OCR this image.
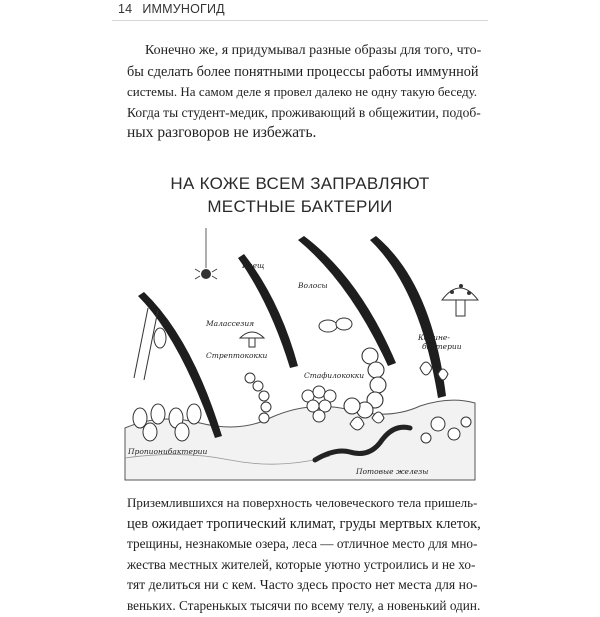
14 ИММУНОГИД
Конечно же, я придумывал разные образы для того, что-
бы сделать более понятными процессы работы иммунной
системы. На самом деле я провел далеко не одну такую беседу.
Когда ты студент-медик, проживающий в общежитии, подоб-
ных разговоров не избежать.
НА КОЖЕ ВСЕМ ЗАПРАВЛЯЮТ
МЕСТНЫЕ БАКТЕРИИ
Клещ
Волосы
Малассезия
Стрептококки
Стафилококки
Корине-
бактерии
Пропионибактерии
Потовые железы
Приземлившихся на поверхность человеческого тела пришель-
цев ожидает тропический климат, груды мертвых клеток,
трещины, незнакомые озера, леса — отличное место для мно-
жества местных жителей, которые уютно устроились и не хо-
тят делиться ни с кем. Часто здесь просто нет места для но-
веньких. Старенькых тысячи по всему телу, а новенький один.
